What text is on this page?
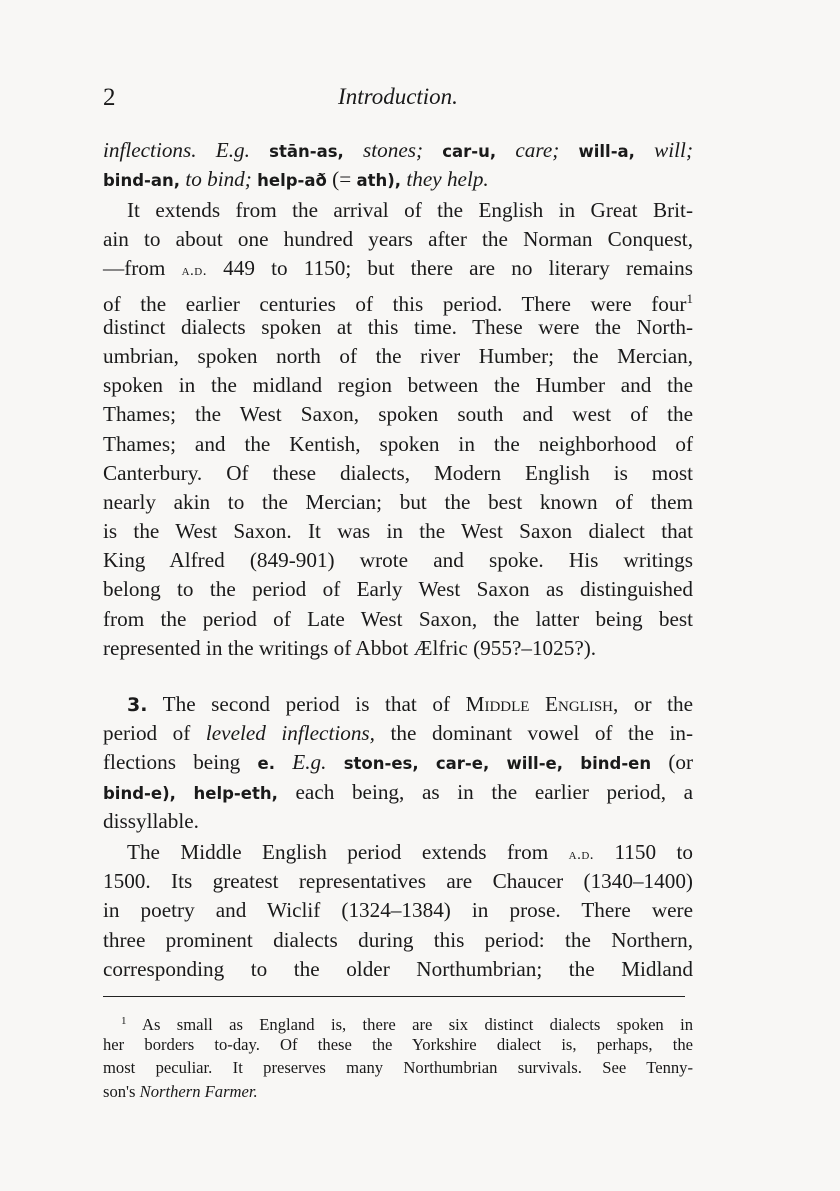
2	Introduction.
inflections. E.g. stān-as, stones; car-u, care; will-a, will;
bind-an, to bind; help-að (= ath), they help.
It extends from the arrival of the English in Great Brit-
ain to about one hundred years after the Norman Conquest,
—from a.d. 449 to 1150; but there are no literary remains
of the earlier centuries of this period. There were four$^1$
distinct dialects spoken at this time. These were the North-
umbrian, spoken north of the river Humber; the Mercian,
spoken in the midland region between the Humber and the
Thames; the West Saxon, spoken south and west of the
Thames; and the Kentish, spoken in the neighborhood of
Canterbury. Of these dialects, Modern English is most
nearly akin to the Mercian; but the best known of them
is the West Saxon. It was in the West Saxon dialect that
King Alfred (849-901) wrote and spoke. His writings
belong to the period of Early West Saxon as distinguished
from the period of Late West Saxon, the latter being best
represented in the writings of Abbot Ælfric (955?–1025?).
3. The second period is that of Middle English, or the
period of leveled inflections, the dominant vowel of the in-
flections being e. E.g. ston-es, car-e, will-e, bind-en (or
bind-e), help-eth, each being, as in the earlier period, a
dissyllable.
The Middle English period extends from a.d. 1150 to
1500. Its greatest representatives are Chaucer (1340–1400)
in poetry and Wiclif (1324–1384) in prose. There were
three prominent dialects during this period: the Northern,
corresponding to the older Northumbrian; the Midland
$^1$ As small as England is, there are six distinct dialects spoken in
her borders to-day. Of these the Yorkshire dialect is, perhaps, the
most peculiar. It preserves many Northumbrian survivals. See Tenny-
son's Northern Farmer.
